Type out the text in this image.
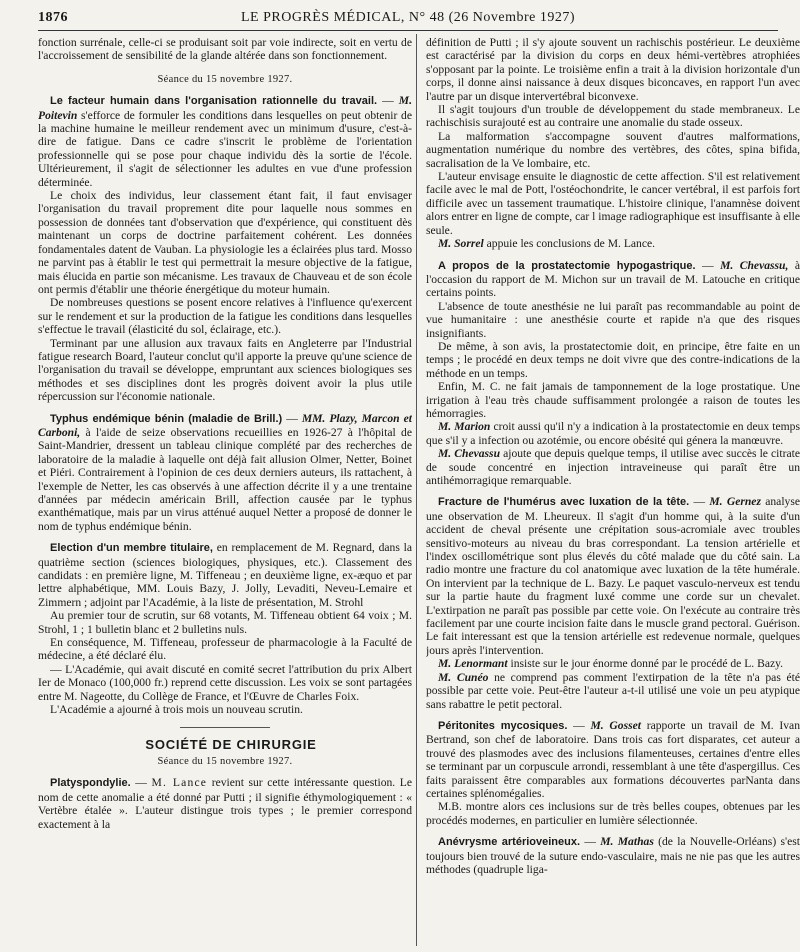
1876	LE PROGRÈS MÉDICAL, N° 48 (26 Novembre 1927)

fonction surrénale, celle-ci se produisant soit par voie indirecte, soit en vertu de l'accroissement de sensibilité de la glande altérée dans son fonctionnement.

Séance du 15 novembre 1927.

Le facteur humain dans l'organisation rationnelle du travail. — M. Poitevin s'efforce de formuler les conditions dans lesquelles on peut obtenir de la machine humaine le meilleur rendement avec un minimum d'usure, c'est-à-dire de fatigue. Dans ce cadre s'inscrit le problème de l'orientation professionnelle qui se pose pour chaque individu dès la sortie de l'école. Ultérieurement, il s'agit de sélectionner les adultes en vue d'une profession déterminée.

Le choix des individus, leur classement étant fait, il faut envisager l'organisation du travail proprement dite pour laquelle nous sommes en possession de données tant d'observation que d'expérience, qui constituent dès maintenant un corps de doctrine parfaitement cohérent. Les données fondamentales datent de Vauban. La physiologie les a éclairées plus tard. Mosso ne parvint pas à établir le test qui permettrait la mesure objective de la fatigue, mais élucida en partie son mécanisme. Les travaux de Chauveau et de son école ont permis d'établir une théorie énergétique du moteur humain.

De nombreuses questions se posent encore relatives à l'influence qu'exercent sur le rendement et sur la production de la fatigue les conditions dans lesquelles s'effectue le travail (élasticité du sol, éclairage, etc.).

Terminant par une allusion aux travaux faits en Angleterre par l'Industrial fatigue research Board, l'auteur conclut qu'il apporte la preuve qu'une science de l'organisation du travail se développe, empruntant aux sciences biologiques ses méthodes et ses disciplines dont les progrès doivent avoir la plus utile répercussion sur l'économie nationale.

Typhus endémique bénin (maladie de Brill.) — MM. Plazy, Marcon et Carboni, à l'aide de seize observations recueillies en 1926-27 à l'hôpital de Saint-Mandrier, dressent un tableau clinique complété par des recherches de laboratoire de la maladie à laquelle ont déjà fait allusion Olmer, Netter, Boinet et Piéri. Contrairement à l'opinion de ces deux derniers auteurs, ils rattachent, à l'exemple de Netter, les cas observés à une affection décrite il y a une trentaine d'années par médecin américain Brill, affection causée par le typhus exanthématique, mais par un virus atténué auquel Netter a proposé de donner le nom de typhus endémique bénin.

Election d'un membre titulaire, en remplacement de M. Regnard, dans la quatrième section (sciences biologiques, physiques, etc.). Classement des candidats : en première ligne, M. Tiffeneau ; en deuxième ligne, ex-æquo et par lettre alphabétique, MM. Louis Bazy, J. Jolly, Levaditi, Neveu-Lemaire et Zimmern ; adjoint par l'Académie, à la liste de présentation, M. Strohl

Au premier tour de scrutin, sur 68 votants, M. Tiffeneau obtient 64 voix ; M. Strohl, 1 ; 1 bulletin blanc et 2 bulletins nuls.

En conséquence, M. Tiffeneau, professeur de pharmacologie à la Faculté de médecine, a été déclaré élu.

— L'Académie, qui avait discuté en comité secret l'attribution du prix Albert Ier de Monaco (100,000 fr.) reprend cette discussion. Les voix se sont partagées entre M. Nageotte, du Collège de France, et l'Œuvre de Charles Foix.

L'Académie a ajourné à trois mois un nouveau scrutin.

SOCIÉTÉ DE CHIRURGIE

Séance du 15 novembre 1927.

Platyspondylie. — M. Lance revient sur cette intéressante question. Le nom de cette anomalie a été donné par Putti ; il signifie éthymologiquement : « Vertèbre étalée ». L'auteur distingue trois types ; le premier correspond exactement à la

définition de Putti ; il s'y ajoute souvent un rachischis postérieur. Le deuxième est caractérisé par la division du corps en deux hémi-vertèbres atrophiées s'opposant par la pointe. Le troisième enfin a trait à la division horizontale d'un corps, il donne ainsi naissance à deux disques biconcaves, en rapport l'un avec l'autre par un disque intervertébral biconvexe.

Il s'agit toujours d'un trouble de développement du stade membraneux. Le rachischisis surajouté est au contraire une anomalie du stade osseux.

La malformation s'accompagne souvent d'autres malformations, augmentation numérique du nombre des vertèbres, des côtes, spina bifida, sacralisation de la Ve lombaire, etc.

L'auteur envisage ensuite le diagnostic de cette affection. S'il est relativement facile avec le mal de Pott, l'ostéochondrite, le cancer vertébral, il est parfois fort difficile avec un tassement traumatique. L'histoire clinique, l'anamnèse doivent alors entrer en ligne de compte, car l image radiographique est insuffisante à elle seule.

M. Sorrel appuie les conclusions de M. Lance.

A propos de la prostatectomie hypogastrique. — M. Chevassu, à l'occasion du rapport de M. Michon sur un travail de M. Latouche en critique certains points.

L'absence de toute anesthésie ne lui paraît pas recommandable au point de vue humanitaire : une anesthésie courte et rapide n'a que des risques insignifiants.

De même, à son avis, la prostatectomie doit, en principe, être faite en un temps ; le procédé en deux temps ne doit vivre que des contre-indications de la méthode en un temps.

Enfin, M. C. ne fait jamais de tamponnement de la loge prostatique. Une irrigation à l'eau très chaude suffisamment prolongée a raison de toutes les hémorragies.

M. Marion croit aussi qu'il n'y a indication à la prostatectomie en deux temps que s'il y a infection ou azotémie, ou encore obésité qui génera la manœuvre.

M. Chevassu ajoute que depuis quelque temps, il utilise avec succès le citrate de soude concentré en injection intraveineuse qui paraît être un antihémorragique remarquable.

Fracture de l'humérus avec luxation de la tête. — M. Gernez analyse une observation de M. Lheureux. Il s'agit d'un homme qui, à la suite d'un accident de cheval présente une crépitation sous-acromiale avec troubles sensitivo-moteurs au niveau du bras correspondant. La tension artérielle et l'index oscillométrique sont plus élevés du côté malade que du côté sain. La radio montre une fracture du col anatomique avec luxation de la tête humérale. On intervient par la technique de L. Bazy. Le paquet vasculo-nerveux est tendu sur la partie haute du fragment luxé comme une corde sur un chevalet. L'extirpation ne paraît pas possible par cette voie. On l'exécute au contraire très facilement par une courte incision faite dans le muscle grand pectoral. Guérison. Le fait interessant est que la tension artérielle est redevenue normale, quelques jours après l'intervention.

M. Lenormant insiste sur le jour énorme donné par le procédé de L. Bazy.

M. Cunéo ne comprend pas comment l'extirpation de la tête n'a pas été possible par cette voie. Peut-être l'auteur a-t-il utilisé une voie un peu atypique sans rabattre le petit pectoral.

Péritonites mycosiques. — M. Gosset rapporte un travail de M. Ivan Bertrand, son chef de laboratoire. Dans trois cas fort disparates, cet auteur a trouvé des plasmodes avec des inclusions filamenteuses, certaines d'entre elles se terminant par un corpuscule arrondi, ressemblant à une tête d'aspergillus. Ces faits paraissent être comparables aux formations découvertes parNanta dans certaines splénomégalies.

M.B. montre alors ces inclusions sur de très belles coupes, obtenues par les procédés modernes, en particulier en lumière sélectionnée.

Anévrysme artérioveineux. — M. Mathas (de la Nouvelle-Orléans) s'est toujours bien trouvé de la suture endo-vasculaire, mais ne nie pas que les autres méthodes (quadruple liga-
